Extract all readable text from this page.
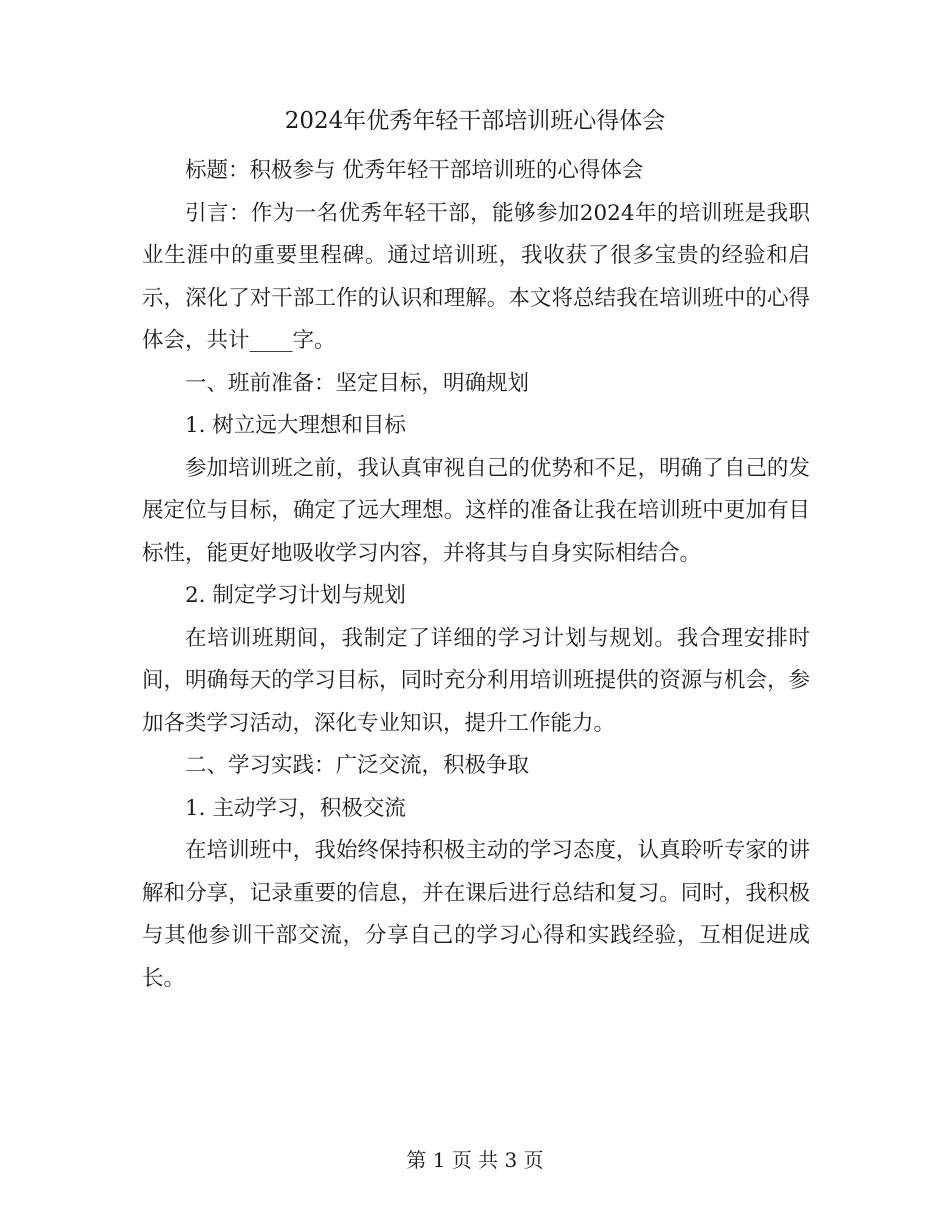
2024年优秀年轻干部培训班心得体会

标题：积极参与 优秀年轻干部培训班的心得体会

引言：作为一名优秀年轻干部，能够参加2024年的培训班是我职业生涯中的重要里程碑。通过培训班，我收获了很多宝贵的经验和启示，深化了对干部工作的认识和理解。本文将总结我在培训班中的心得体会，共计____字。

一、班前准备：坚定目标，明确规划

1. 树立远大理想和目标

参加培训班之前，我认真审视自己的优势和不足，明确了自己的发展定位与目标，确定了远大理想。这样的准备让我在培训班中更加有目标性，能更好地吸收学习内容，并将其与自身实际相结合。

2. 制定学习计划与规划

在培训班期间，我制定了详细的学习计划与规划。我合理安排时间，明确每天的学习目标，同时充分利用培训班提供的资源与机会，参加各类学习活动，深化专业知识，提升工作能力。

二、学习实践：广泛交流，积极争取

1. 主动学习，积极交流

在培训班中，我始终保持积极主动的学习态度，认真聆听专家的讲解和分享，记录重要的信息，并在课后进行总结和复习。同时，我积极与其他参训干部交流，分享自己的学习心得和实践经验，互相促进成长。

第 1 页 共 3 页
